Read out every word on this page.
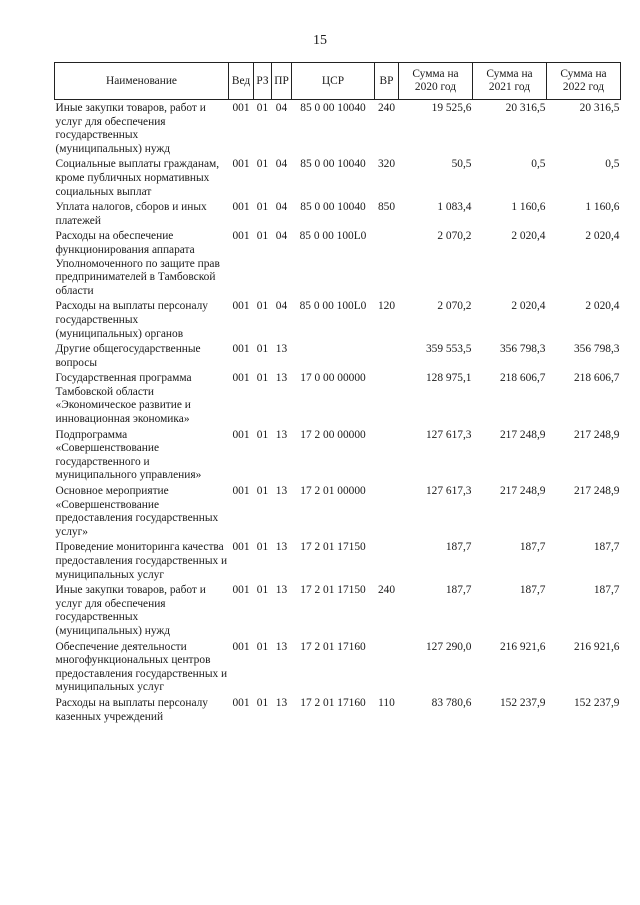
15
Наименование	Вед	РЗ	ПР	ЦСР	ВР	Сумма на 2020 год	Сумма на 2021 год	Сумма на 2022 год
Иные закупки товаров, работ и услуг для обеспечения государственных (муниципальных) нужд	001	01	04	85 0 00 10040	240	19 525,6	20 316,5	20 316,5
Социальные выплаты гражданам, кроме публичных нормативных социальных выплат	001	01	04	85 0 00 10040	320	50,5	0,5	0,5
Уплата налогов, сборов и иных платежей	001	01	04	85 0 00 10040	850	1 083,4	1 160,6	1 160,6
Расходы на обеспечение функционирования аппарата Уполномоченного по защите прав предпринимателей в Тамбовской области	001	01	04	85 0 00 100L0		2 070,2	2 020,4	2 020,4
Расходы на выплаты персоналу государственных (муниципальных) органов	001	01	04	85 0 00 100L0	120	2 070,2	2 020,4	2 020,4
Другие общегосударственные вопросы	001	01	13			359 553,5	356 798,3	356 798,3
Государственная программа Тамбовской области «Экономическое развитие и инновационная экономика»	001	01	13	17 0 00 00000		128 975,1	218 606,7	218 606,7
Подпрограмма «Совершенствование государственного и муниципального управления»	001	01	13	17 2 00 00000		127 617,3	217 248,9	217 248,9
Основное мероприятие «Совершенствование предоставления государственных услуг»	001	01	13	17 2 01 00000		127 617,3	217 248,9	217 248,9
Проведение мониторинга качества предоставления государственных и муниципальных услуг	001	01	13	17 2 01 17150		187,7	187,7	187,7
Иные закупки товаров, работ и услуг для обеспечения государственных (муниципальных) нужд	001	01	13	17 2 01 17150	240	187,7	187,7	187,7
Обеспечение деятельности многофункциональных центров предоставления государственных и муниципальных услуг	001	01	13	17 2 01 17160		127 290,0	216 921,6	216 921,6
Расходы на выплаты персоналу казенных учреждений	001	01	13	17 2 01 17160	110	83 780,6	152 237,9	152 237,9
